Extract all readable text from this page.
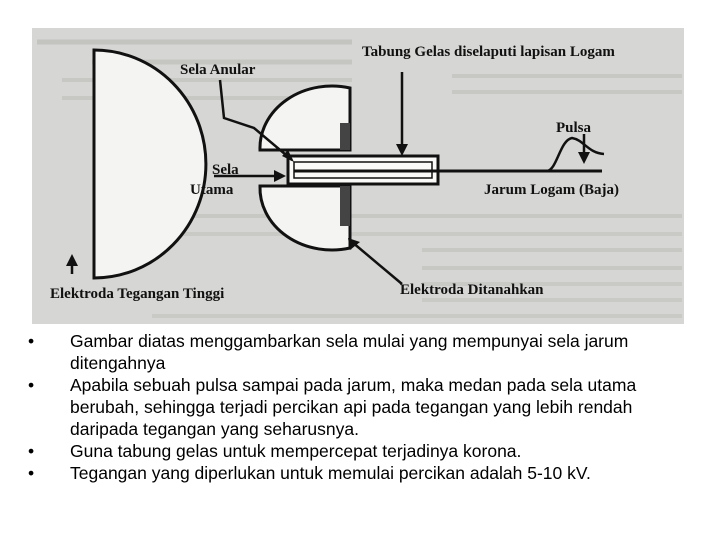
Sela Anular
Tabung Gelas diselaputi lapisan Logam
Sela
Utama
Pulsa
Jarum Logam (Baja)
Elektroda Tegangan Tinggi	Elektroda Ditanahkan
•	Gambar diatas menggambarkan sela mulai yang mempunyai sela jarum ditengahnya
•	Apabila sebuah pulsa sampai pada jarum, maka medan pada sela utama berubah, sehingga terjadi percikan api pada tegangan yang lebih rendah daripada tegangan yang seharusnya.
•	Guna tabung gelas untuk mempercepat terjadinya korona.
•	Tegangan yang diperlukan untuk memulai percikan adalah 5-10 kV.
